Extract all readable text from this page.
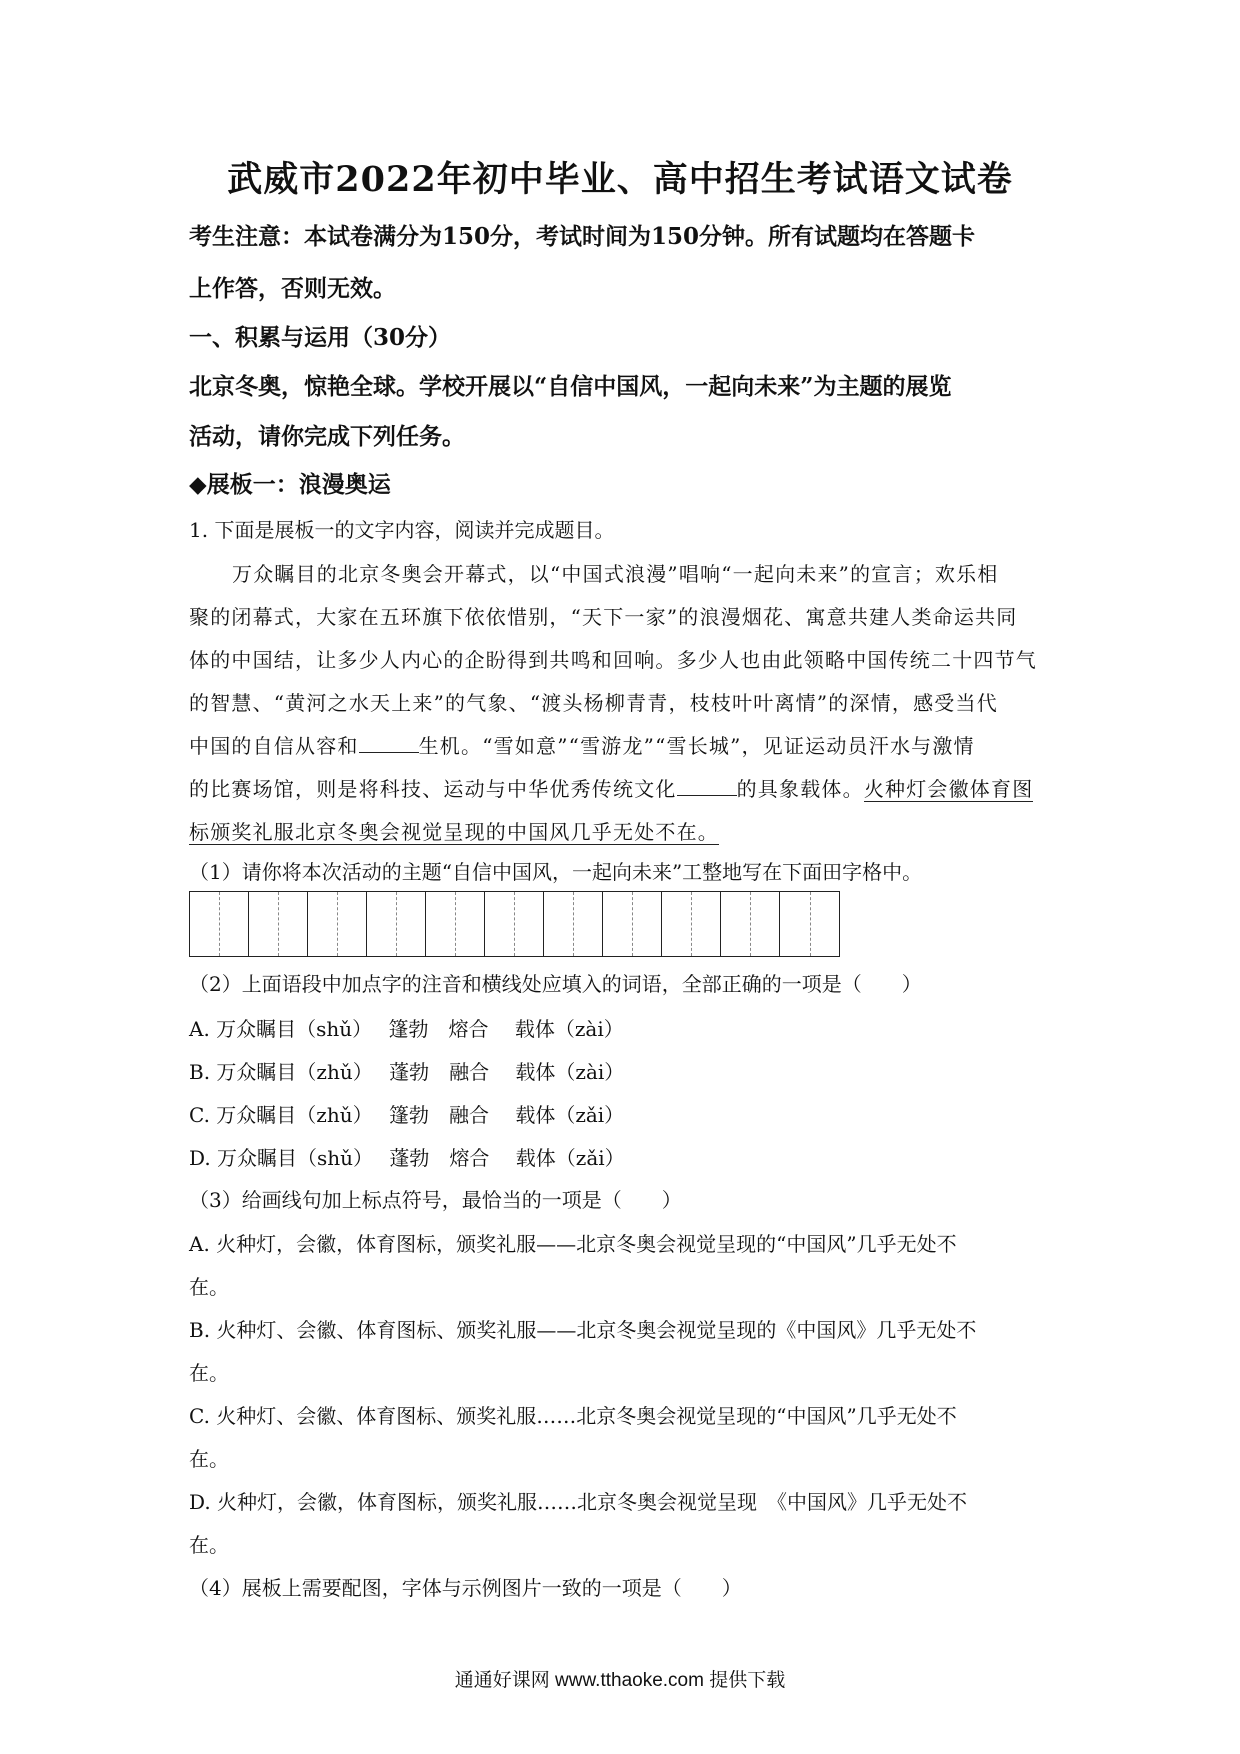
武威市2022年初中毕业、高中招生考试语文试卷
考生注意：本试卷满分为150分，考试时间为150分钟。所有试题均在答题卡
上作答，否则无效。
一、积累与运用（30分）
北京冬奥，惊艳全球。学校开展以“自信中国风，一起向未来”为主题的展览
活动，请你完成下列任务。
◆展板一：浪漫奥运
1. 下面是展板一的文字内容，阅读并完成题目。
万众瞩目的北京冬奥会开幕式，以“中国式浪漫”唱响“一起向未来”的宣言；欢乐相
聚的闭幕式，大家在五环旗下依依惜别，“天下一家”的浪漫烟花、寓意共建人类命运共同
体的中国结，让多少人内心的企盼得到共鸣和回响。多少人也由此领略中国传统二十四节气
的智慧、“黄河之水天上来”的气象、“渡头杨柳青青，枝枝叶叶离情”的深情，感受当代
中国的自信从容和	生机。“雪如意”“雪游龙”“雪长城”，见证运动员汗水与激情
的比赛场馆，则是将科技、运动与中华优秀传统文化	的具象载体。火种灯会徽体育图
标颁奖礼服北京冬奥会视觉呈现的中国风几乎无处不在。
（1）请你将本次活动的主题“自信中国风，一起向未来”工整地写在下面田字格中。
（2）上面语段中加点字的注音和横线处应填入的词语，全部正确的一项是（　　）
A. 万众瞩目（shǔ）　 篷勃　熔合　 载体（zài）
B. 万众瞩目（zhǔ）　 蓬勃　融合　 载体（zài）
C. 万众瞩目（zhǔ）　 篷勃　融合　 载体（zǎi）
D. 万众瞩目（shǔ）　 蓬勃　熔合　 载体（zǎi）
（3）给画线句加上标点符号，最恰当的一项是（　　）
A. 火种灯，会徽，体育图标，颁奖礼服——北京冬奥会视觉呈现的“中国风”几乎无处不
在。
B. 火种灯、会徽、体育图标、颁奖礼服——北京冬奥会视觉呈现的《中国风》几乎无处不
在。
C. 火种灯、会徽、体育图标、颁奖礼服……北京冬奥会视觉呈现的“中国风”几乎无处不
在。
D. 火种灯，会徽，体育图标，颁奖礼服……北京冬奥会视觉呈现　《中国风》几乎无处不
在。
（4）展板上需要配图，字体与示例图片一致的一项是（　　）
通通好课网 www.tthaoke.com 提供下载
